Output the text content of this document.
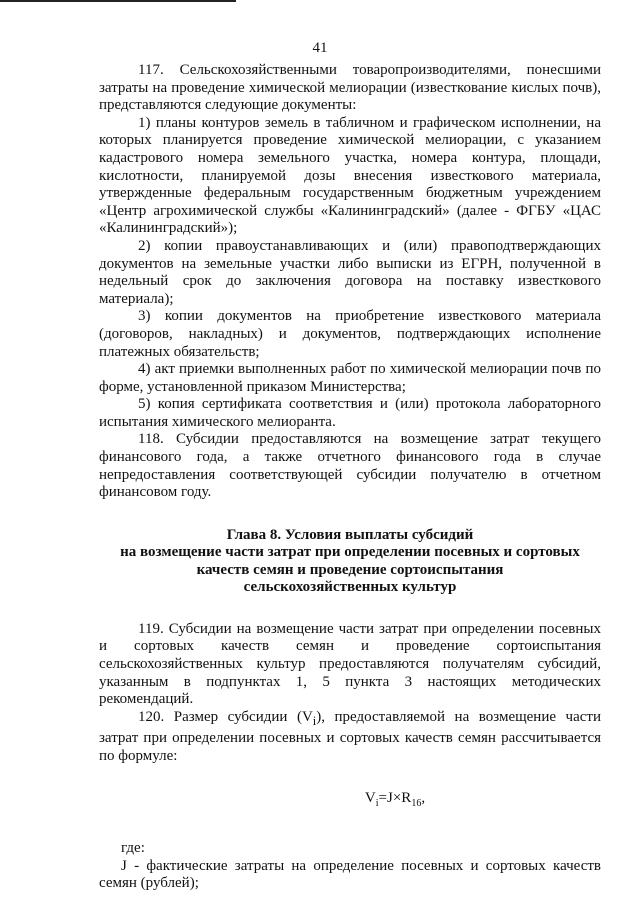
41

117. Сельскохозяйственными товаропроизводителями, понесшими затраты на проведение химической мелиорации (известкование кислых почв), представляются следующие документы:

1) планы контуров земель в табличном и графическом исполнении, на которых планируется проведение химической мелиорации, с указанием кадастрового номера земельного участка, номера контура, площади, кислотности, планируемой дозы внесения известкового материала, утвержденные федеральным государственным бюджетным учреждением «Центр агрохимической службы «Калининградский» (далее - ФГБУ «ЦАС «Калининградский»);

2) копии правоустанавливающих и (или) правоподтверждающих документов на земельные участки либо выписки из ЕГРН, полученной в недельный срок до заключения договора на поставку известкового материала);

3) копии документов на приобретение известкового материала (договоров, накладных) и документов, подтверждающих исполнение платежных обязательств;

4) акт приемки выполненных работ по химической мелиорации почв по форме, установленной приказом Министерства;

5) копия сертификата соответствия и (или) протокола лабораторного испытания химического мелиоранта.

118. Субсидии предоставляются на возмещение затрат текущего финансового года, а также отчетного финансового года в случае непредоставления соответствующей субсидии получателю в отчетном финансовом году.

Глава 8. Условия выплаты субсидий
на возмещение части затрат при определении посевных и сортовых
качеств семян и проведение сортоиспытания
сельскохозяйственных культур

119. Субсидии на возмещение части затрат при определении посевных и сортовых качеств семян и проведение сортоиспытания сельскохозяйственных культур предоставляются получателям субсидий, указанным в подпунктах 1, 5 пункта 3 настоящих методических рекомендаций.

120. Размер субсидии $(V_i)$, предоставляемой на возмещение части затрат при определении посевных и сортовых качеств семян рассчитывается по формуле:

$V_i=J\times R_{16}$,

где:

J - фактические затраты на определение посевных и сортовых качеств семян (рублей);
